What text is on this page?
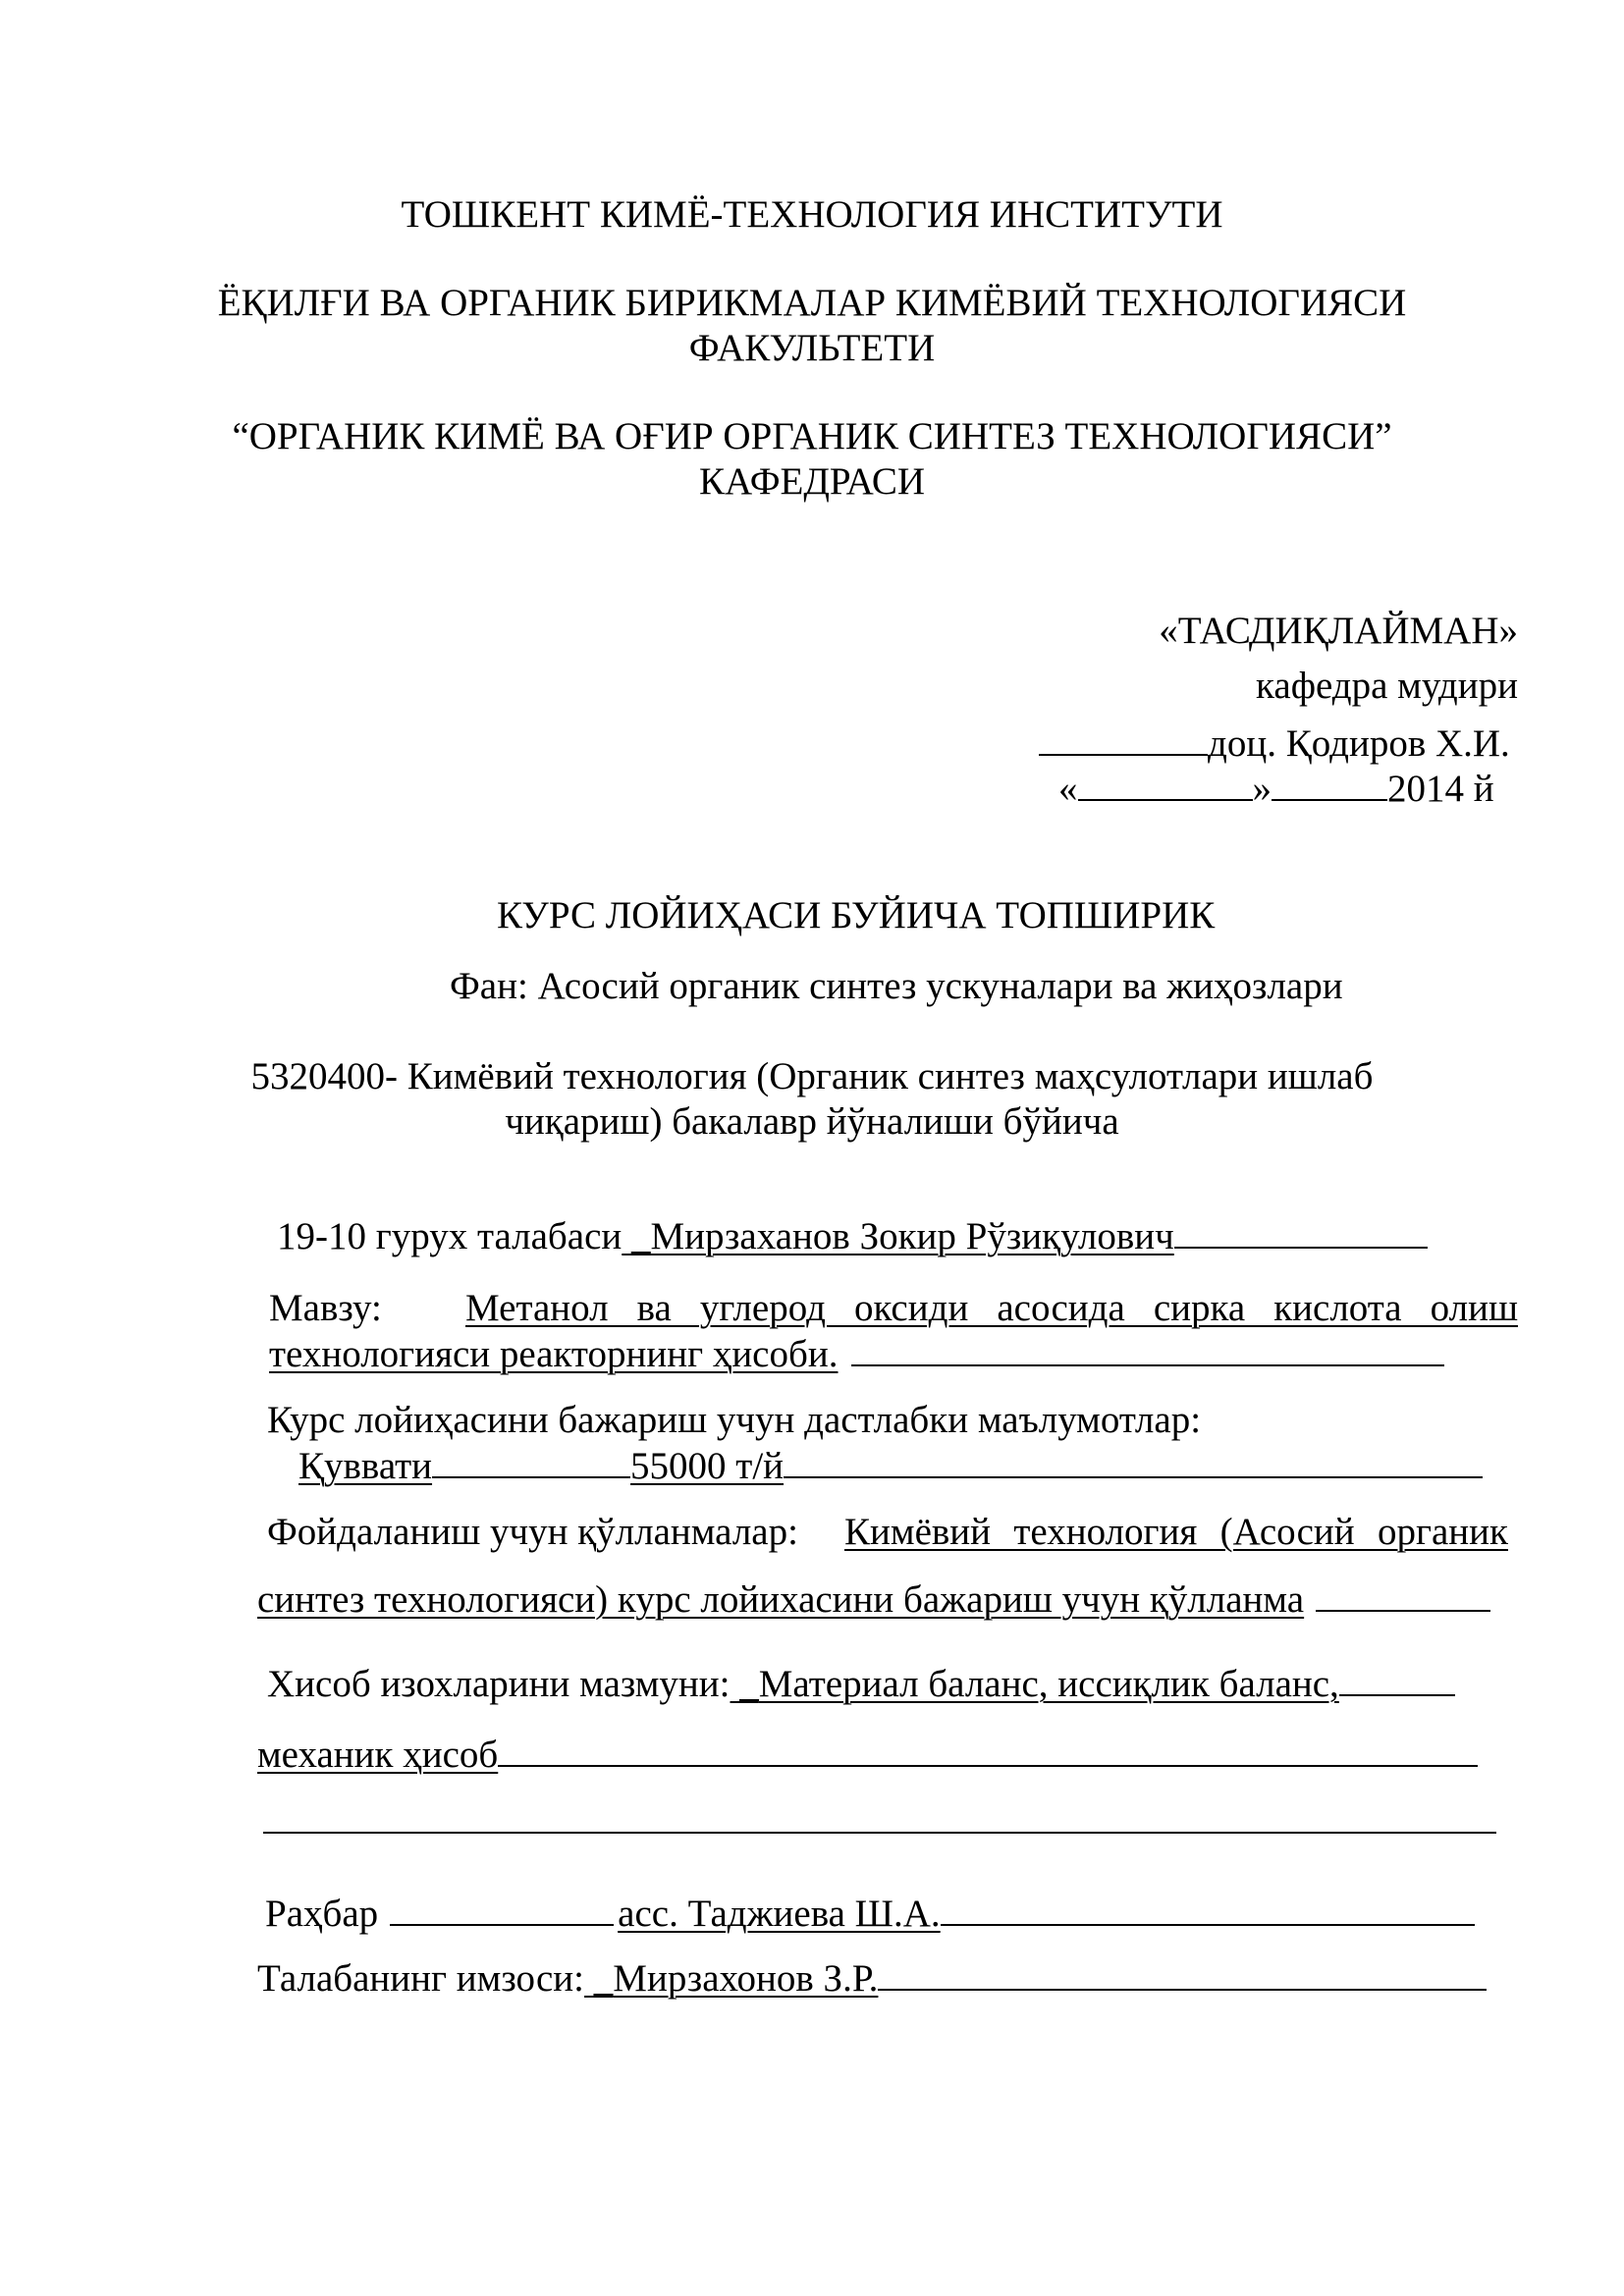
ТОШКЕНТ КИМЁ-ТЕХНОЛОГИЯ ИНСТИТУТИ
ЁҚИЛҒИ ВА ОРГАНИК БИРИКМАЛАР КИМЁВИЙ ТЕХНОЛОГИЯСИ
ФАКУЛЬТЕТИ
“ОРГАНИК КИМЁ ВА ОҒИР ОРГАНИК СИНТЕЗ ТЕХНОЛОГИЯСИ”
КАФЕДРАСИ
«ТАСДИҚЛАЙМАН»
кафедра мудири
доц. Қодиров Х.И.
«	»	2014 й
КУРС ЛОЙИҲАСИ БУЙИЧА ТОПШИРИК
Фан: Асосий органик синтез ускуналари ва жиҳозлари
5320400- Кимёвий технология (Органик синтез маҳсулотлари ишлаб
чиқариш) бакалавр йўналиши бўйича
19-10 гурух талабаси _Мирзаханов Зокир Рўзиқулович
Мавзу: Метанол ва углерод оксиди асосида сирка кислота олиш
технологияси реакторнинг ҳисоби.
Курс лойиҳасини бажариш учун дастлабки маълумотлар:
Қуввати	55000 т/й
Фойдаланиш учун қўлланмалар: Кимёвий технология (Асосий органик
синтез технологияси) курс лойихасини бажариш учун қўлланма
Хисоб изохларини мазмуни: _Материал баланс, иссиқлик баланс,
механик ҳисоб
Раҳбар	асс. Таджиева Ш.А.
Талабанинг имзоси: _Мирзахонов З.Р.
